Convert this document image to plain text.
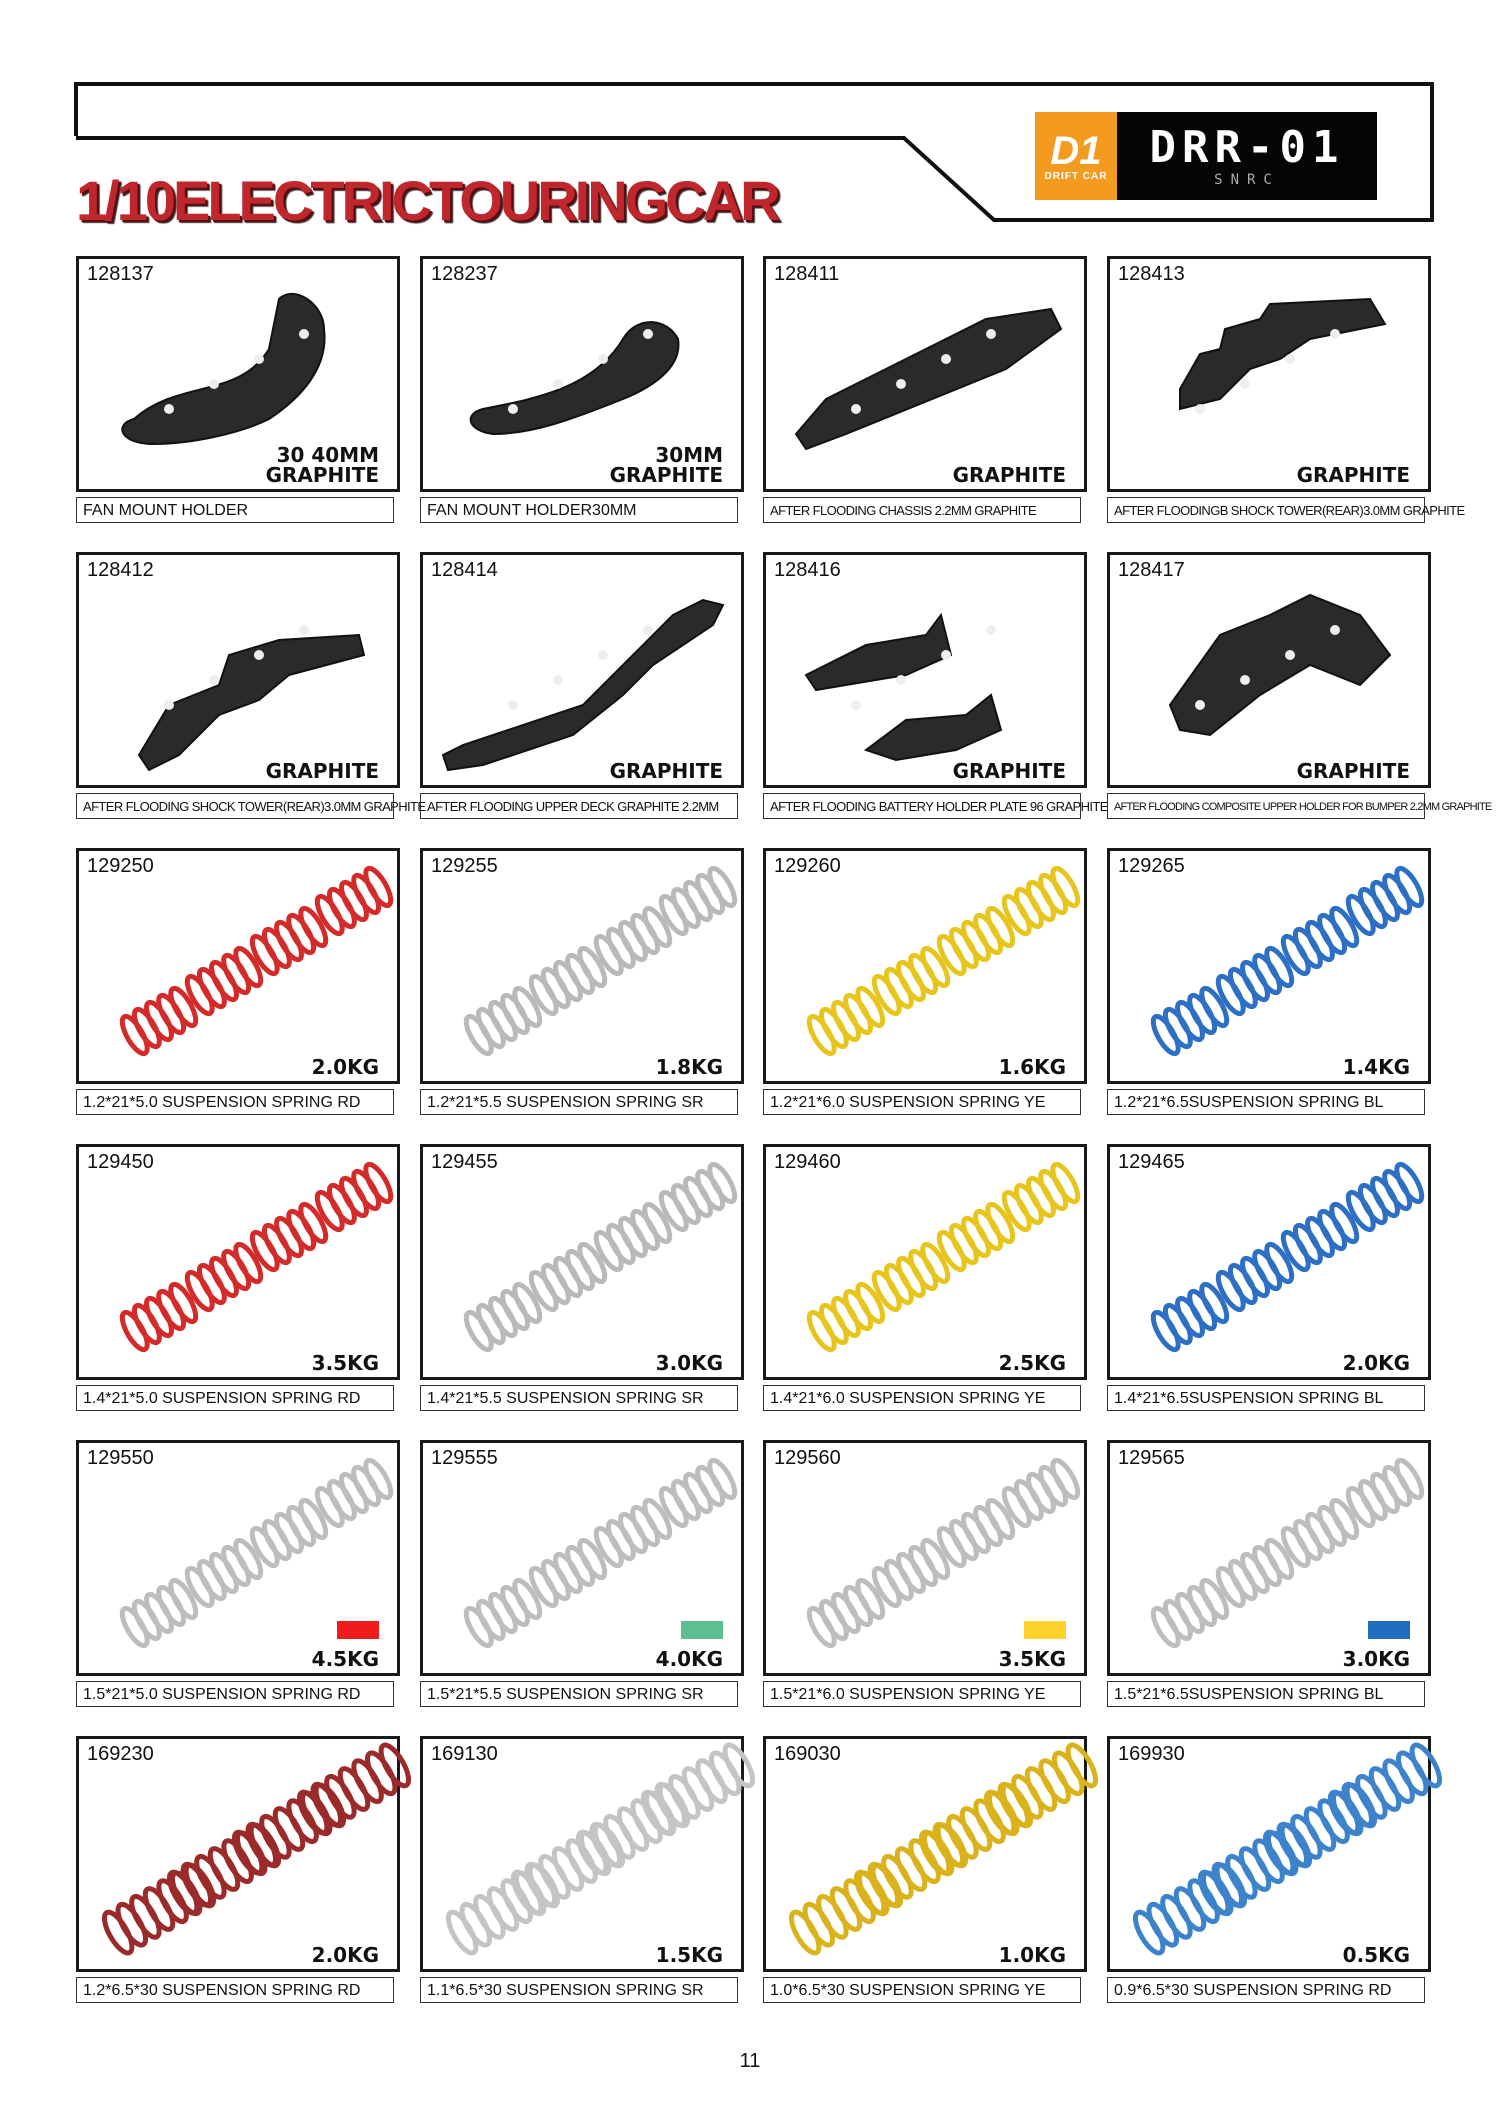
1/10ELECTRICTOURINGCAR
D1
DRIFT CAR
DRR-01
SNRC
128137
30 40MM
GRAPHITE
FAN MOUNT HOLDER
128237
30MM
GRAPHITE
FAN MOUNT HOLDER30MM
128411
GRAPHITE
AFTER FLOODING CHASSIS 2.2MM GRAPHITE
128413
GRAPHITE
AFTER FLOODINGB SHOCK TOWER(REAR)3.0MM GRAPHITE
128412
GRAPHITE
AFTER FLOODING SHOCK TOWER(REAR)3.0MM GRAPHITE
128414
GRAPHITE
AFTER FLOODING UPPER DECK GRAPHITE 2.2MM
128416
GRAPHITE
AFTER FLOODING BATTERY HOLDER PLATE 96 GRAPHITE
128417
GRAPHITE
AFTER FLOODING COMPOSITE UPPER HOLDER FOR BUMPER 2.2MM GRAPHITE
129250
2.0KG
1.2*21*5.0 SUSPENSION SPRING RD
129255
1.8KG
1.2*21*5.5 SUSPENSION SPRING SR
129260
1.6KG
1.2*21*6.0 SUSPENSION SPRING YE
129265
1.4KG
1.2*21*6.5SUSPENSION SPRING BL
129450
3.5KG
1.4*21*5.0 SUSPENSION SPRING RD
129455
3.0KG
1.4*21*5.5 SUSPENSION SPRING SR
129460
2.5KG
1.4*21*6.0 SUSPENSION SPRING YE
129465
2.0KG
1.4*21*6.5SUSPENSION SPRING BL
129550
4.5KG
1.5*21*5.0 SUSPENSION SPRING RD
129555
4.0KG
1.5*21*5.5 SUSPENSION SPRING SR
129560
3.5KG
1.5*21*6.0 SUSPENSION SPRING YE
129565
3.0KG
1.5*21*6.5SUSPENSION SPRING BL
169230
2.0KG
1.2*6.5*30 SUSPENSION SPRING RD
169130
1.5KG
1.1*6.5*30 SUSPENSION SPRING SR
169030
1.0KG
1.0*6.5*30 SUSPENSION SPRING YE
169930
0.5KG
0.9*6.5*30 SUSPENSION SPRING RD
11
